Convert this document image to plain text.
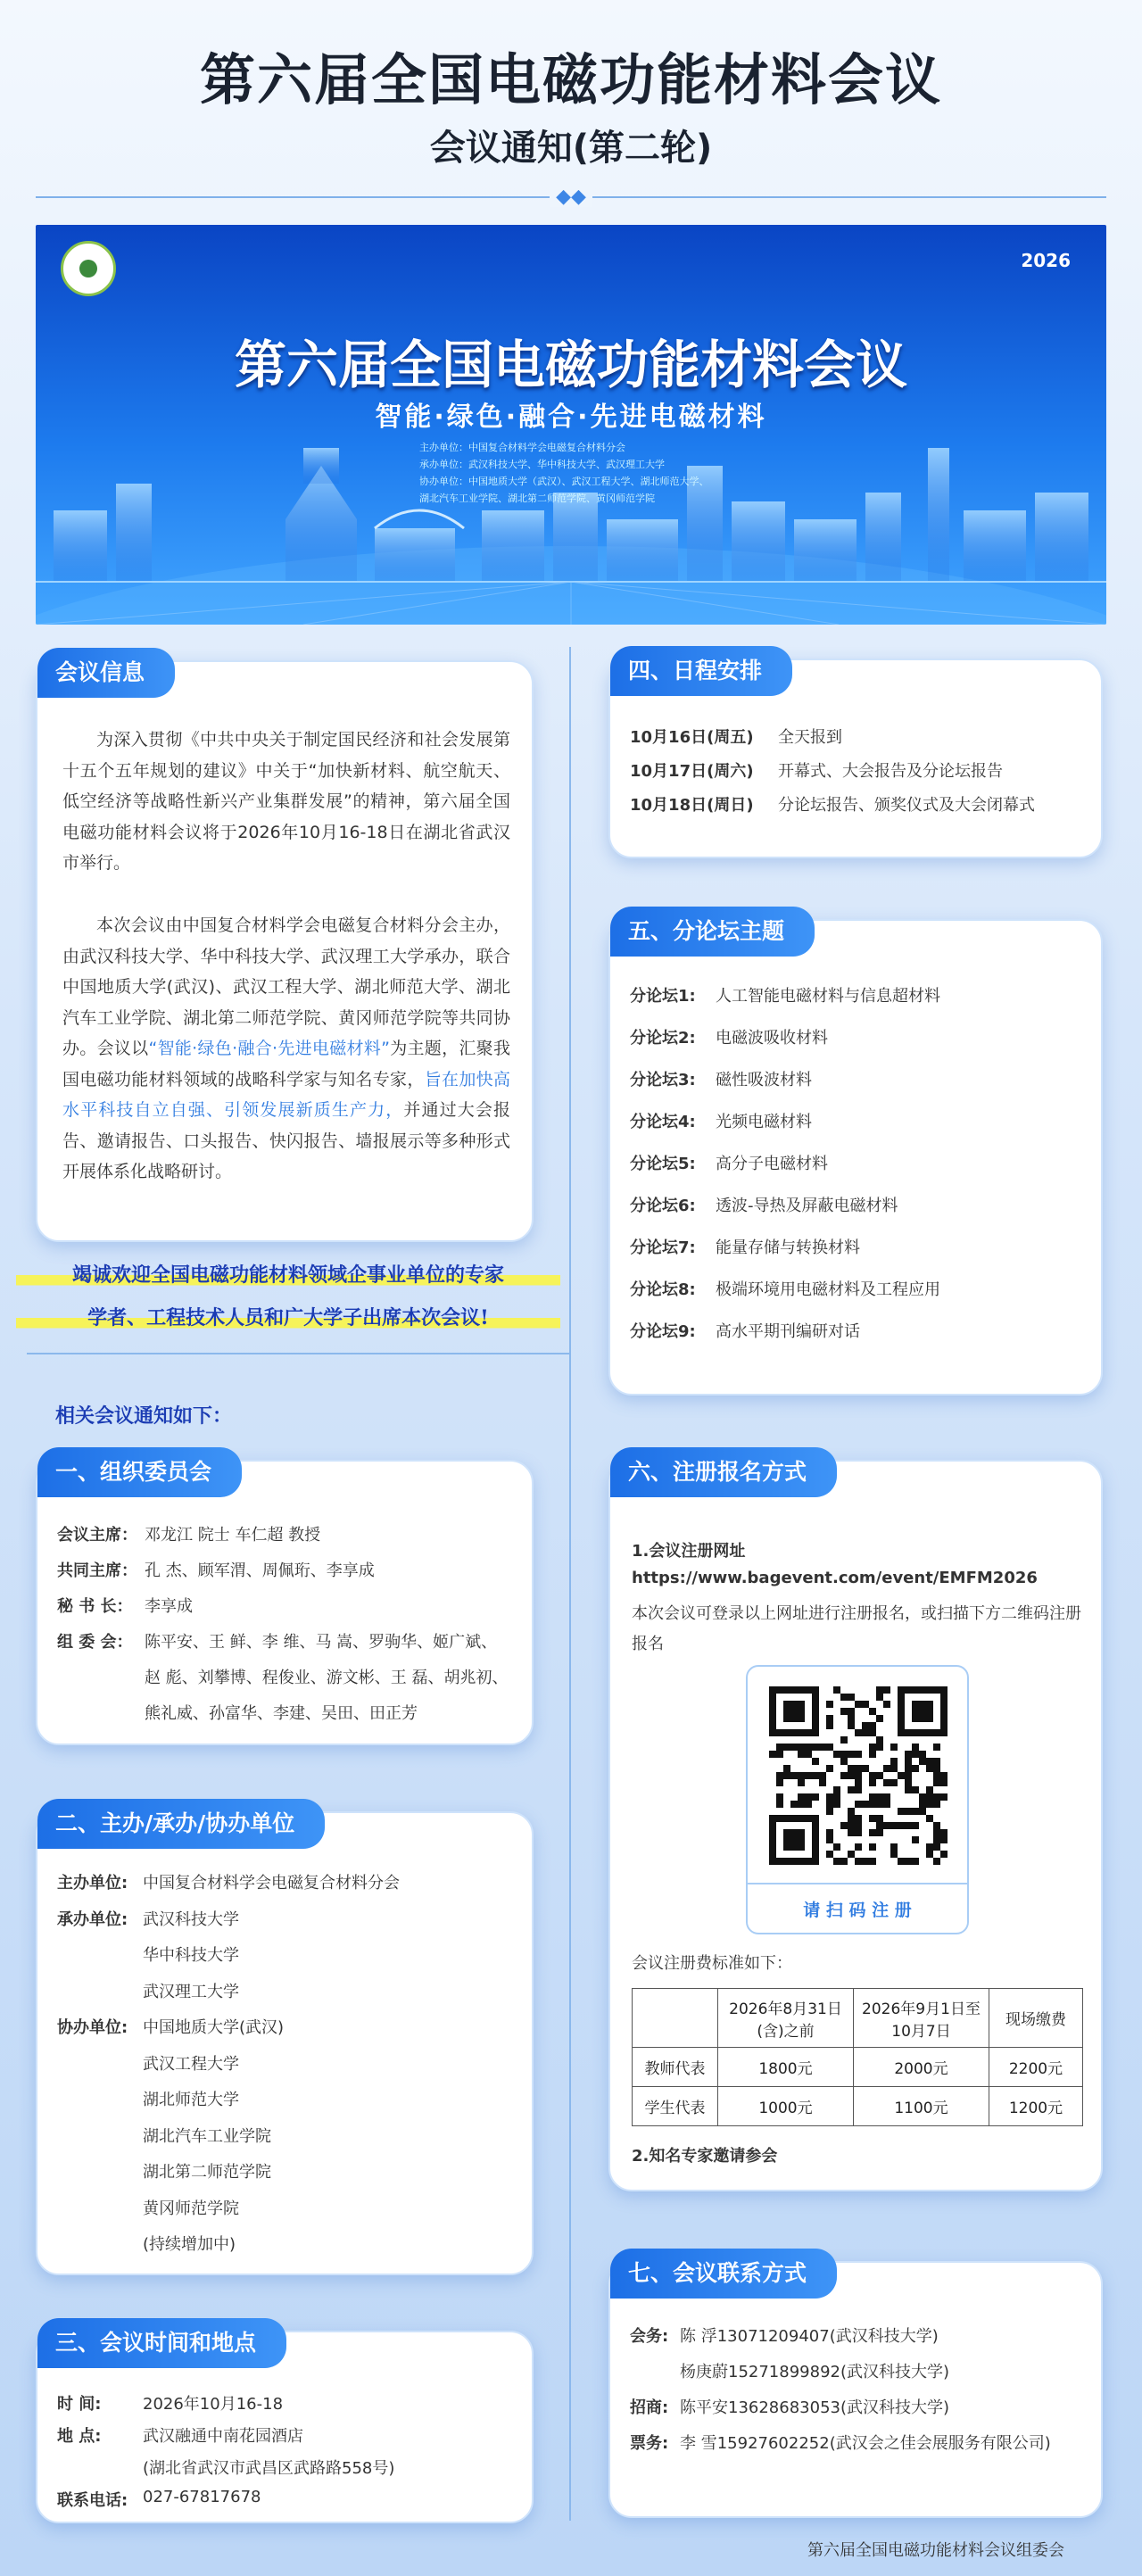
第六届全国电磁功能材料会议
会议通知(第二轮)
◆◆
2026
第六届全国电磁功能材料会议
智能·绿色·融合·先进电磁材料
主办单位：中国复合材料学会电磁复合材料分会
承办单位：武汉科技大学、华中科技大学、武汉理工大学
协办单位：中国地质大学（武汉）、武汉工程大学、湖北师范大学、
湖北汽车工业学院、湖北第二师范学院、黄冈师范学院
会议信息
为深入贯彻《中共中央关于制定国民经济和社会发展第十五个五年规划的建议》中关于“加快新材料、航空航天、低空经济等战略性新兴产业集群发展”的精神，第六届全国电磁功能材料会议将于2026年10月16-18日在湖北省武汉市举行。
本次会议由中国复合材料学会电磁复合材料分会主办，由武汉科技大学、华中科技大学、武汉理工大学承办，联合中国地质大学(武汉)、武汉工程大学、湖北师范大学、湖北汽车工业学院、湖北第二师范学院、黄冈师范学院等共同协办。会议以“智能·绿色·融合·先进电磁材料”为主题，汇聚我国电磁功能材料领域的战略科学家与知名专家，旨在加快高水平科技自立自强、引领发展新质生产力，并通过大会报告、邀请报告、口头报告、快闪报告、墙报展示等多种形式开展体系化战略研讨。
竭诚欢迎全国电磁功能材料领域企事业单位的专家
学者、工程技术人员和广大学子出席本次会议!
相关会议通知如下：
一、组织委员会
会议主席： 邓龙江 院士 车仁超 教授
共同主席： 孔 杰、顾军渭、周佩珩、李享成
秘 书 长： 李享成
组 委 会： 陈平安、王 鲜、李 维、马 嵩、罗驹华、姬广斌、
赵 彪、刘攀博、程俊业、游文彬、王 磊、胡兆初、
熊礼威、孙富华、李建、吴田、田正芳
二、主办/承办/协办单位
主办单位: 中国复合材料学会电磁复合材料分会
承办单位: 武汉科技大学
华中科技大学
武汉理工大学
协办单位: 中国地质大学(武汉)
武汉工程大学
湖北师范大学
湖北汽车工业学院
湖北第二师范学院
黄冈师范学院
(持续增加中)
三、会议时间和地点
时 间:	2026年10月16-18
地 点:	武汉融通中南花园酒店
(湖北省武汉市武昌区武路路558号)
联系电话: 027-67817678
四、日程安排
10月16日(周五) 全天报到
10月17日(周六) 开幕式、大会报告及分论坛报告
10月18日(周日) 分论坛报告、颁奖仪式及大会闭幕式
五、分论坛主题
分论坛1: 人工智能电磁材料与信息超材料
分论坛2: 电磁波吸收材料
分论坛3: 磁性吸波材料
分论坛4: 光频电磁材料
分论坛5: 高分子电磁材料
分论坛6: 透波-导热及屏蔽电磁材料
分论坛7: 能量存储与转换材料
分论坛8: 极端环境用电磁材料及工程应用
分论坛9: 高水平期刊编研对话
六、注册报名方式
1.会议注册网址
https://www.bagevent.com/event/EMFM2026
本次会议可登录以上网址进行注册报名，或扫描下方二维码注册报名
请 扫 码 注 册
会议注册费标准如下：
	2026年8月31日(含)之前	2026年9月1日至10月7日	现场缴费
教师代表	1800元	2000元	2200元
学生代表	1000元	1100元	1200元
2.知名专家邀请参会
七、会议联系方式
会务: 陈 浮13071209407(武汉科技大学)
杨庚蔚15271899892(武汉科技大学)
招商: 陈平安13628683053(武汉科技大学)
票务: 李 雪15927602252(武汉会之佳会展服务有限公司)
第六届全国电磁功能材料会议组委会
